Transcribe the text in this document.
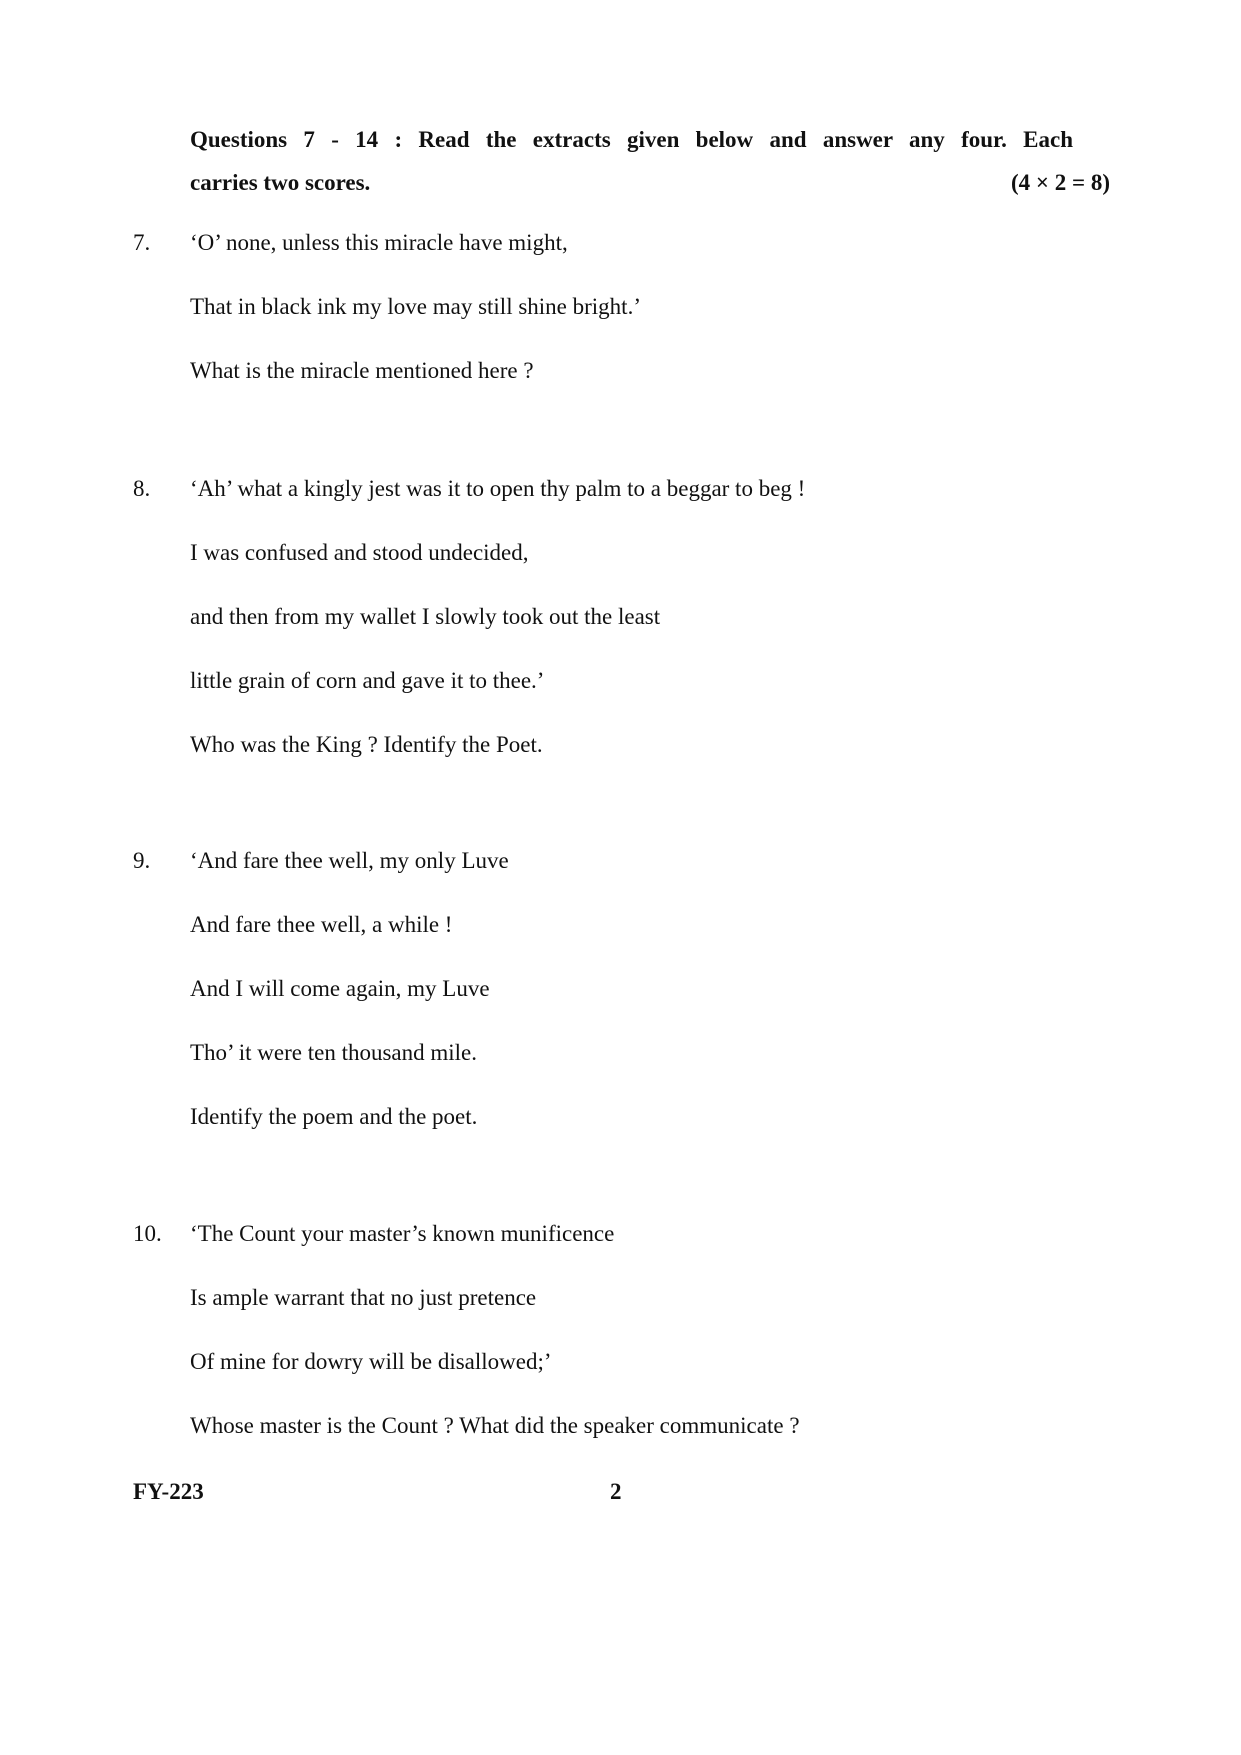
Questions 7 - 14 : Read the extracts given below and answer any four. Each
carries two scores.	(4 × 2 = 8)
7. ‘O’ none, unless this miracle have might,
That in black ink my love may still shine bright.’
What is the miracle mentioned here ?
8. ‘Ah’ what a kingly jest was it to open thy palm to a beggar to beg !
I was confused and stood undecided,
and then from my wallet I slowly took out the least
little grain of corn and gave it to thee.’
Who was the King ? Identify the Poet.
9. ‘And fare thee well, my only Luve
And fare thee well, a while !
And I will come again, my Luve
Tho’ it were ten thousand mile.
Identify the poem and the poet.
10. ‘The Count your master’s known munificence
Is ample warrant that no just pretence
Of mine for dowry will be disallowed;’
Whose master is the Count ? What did the speaker communicate ?
FY-223	2
